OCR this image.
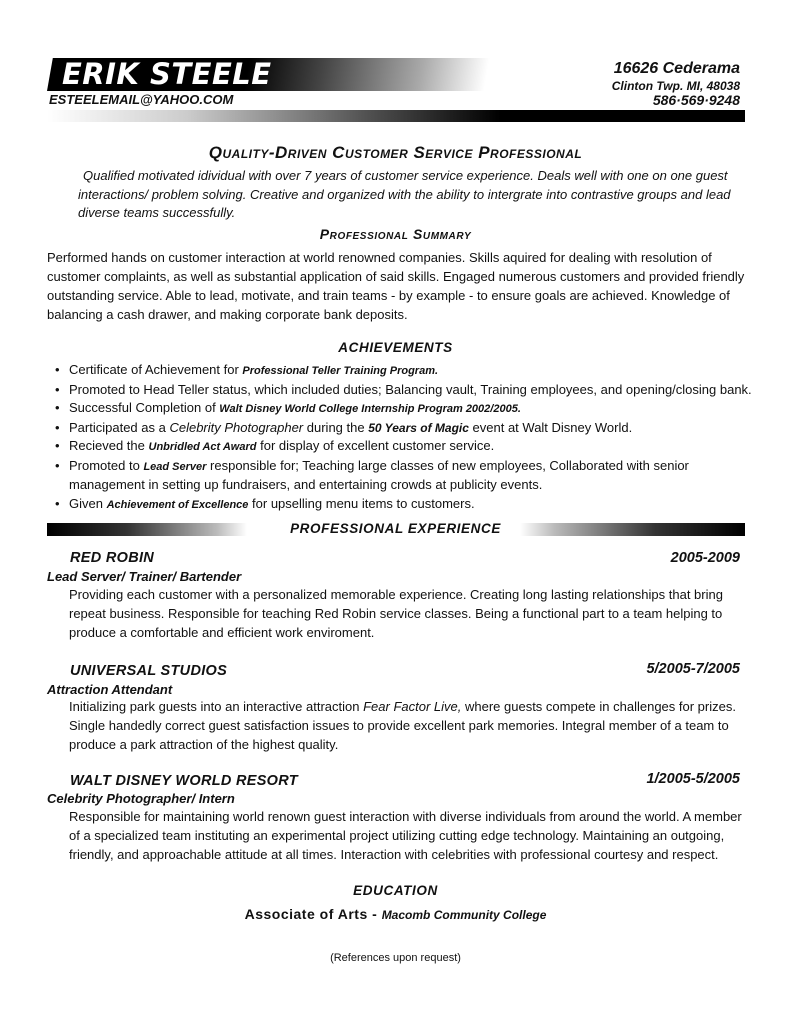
ERIK STEELE
ESTEELEMAIL@YAHOO.COM
16626 Cederama
Clinton Twp. MI, 48038
586·569·9248
Quality-Driven Customer Service Professional
Qualified motivated idividual with over 7 years of customer service experience. Deals well with one on one guest interactions/ problem solving. Creative and organized with the ability to intergrate into contrastive groups and lead diverse teams successfully.
Professional Summary
Performed hands on customer interaction at world renowned companies. Skills aquired for dealing with resolution of customer complaints, as well as substantial application of said skills. Engaged numerous customers and provided friendly outstanding service. Able to lead, motivate, and train teams - by example - to ensure goals are achieved. Knowledge of balancing a cash drawer, and making corporate bank deposits.
ACHIEVEMENTS
• Certificate of Achievement for Professional Teller Training Program.
• Promoted to Head Teller status, which included duties; Balancing vault, Training employees, and opening/closing bank.
• Successful Completion of Walt Disney World College Internship Program 2002/2005.
• Participated as a Celebrity Photographer during the 50 Years of Magic event at Walt Disney World.
• Recieved the Unbridled Act Award for display of excellent customer service.
• Promoted to Lead Server responsible for; Teaching large classes of new employees, Collaborated with senior management in setting up fundraisers, and entertaining crowds at publicity events.
• Given Achievement of Excellence for upselling menu items to customers.
PROFESSIONAL EXPERIENCE
RED ROBIN	2005-2009
Lead Server/ Trainer/ Bartender
Providing each customer with a personalized memorable experience. Creating long lasting relationships that bring repeat business. Responsible for teaching Red Robin service classes. Being a functional part to a team helping to produce a comfortable and efficient work enviroment.
UNIVERSAL STUDIOS	5/2005-7/2005
Attraction Attendant
Initializing park guests into an interactive attraction Fear Factor Live, where guests compete in challenges for prizes. Single handedly correct guest satisfaction issues to provide excellent park memories. Integral member of a team to produce a park attraction of the highest quality.
WALT DISNEY WORLD RESORT	1/2005-5/2005
Celebrity Photographer/ Intern
Responsible for maintaining world renown guest interaction with diverse individuals from around the world. A member of a specialized team instituting an experimental project utilizing cutting edge technology. Maintaining an outgoing, friendly, and approachable attitude at all times. Interaction with celebrities with professional courtesy and respect.
EDUCATION
Associate of Arts - Macomb Community College
(References upon request)
